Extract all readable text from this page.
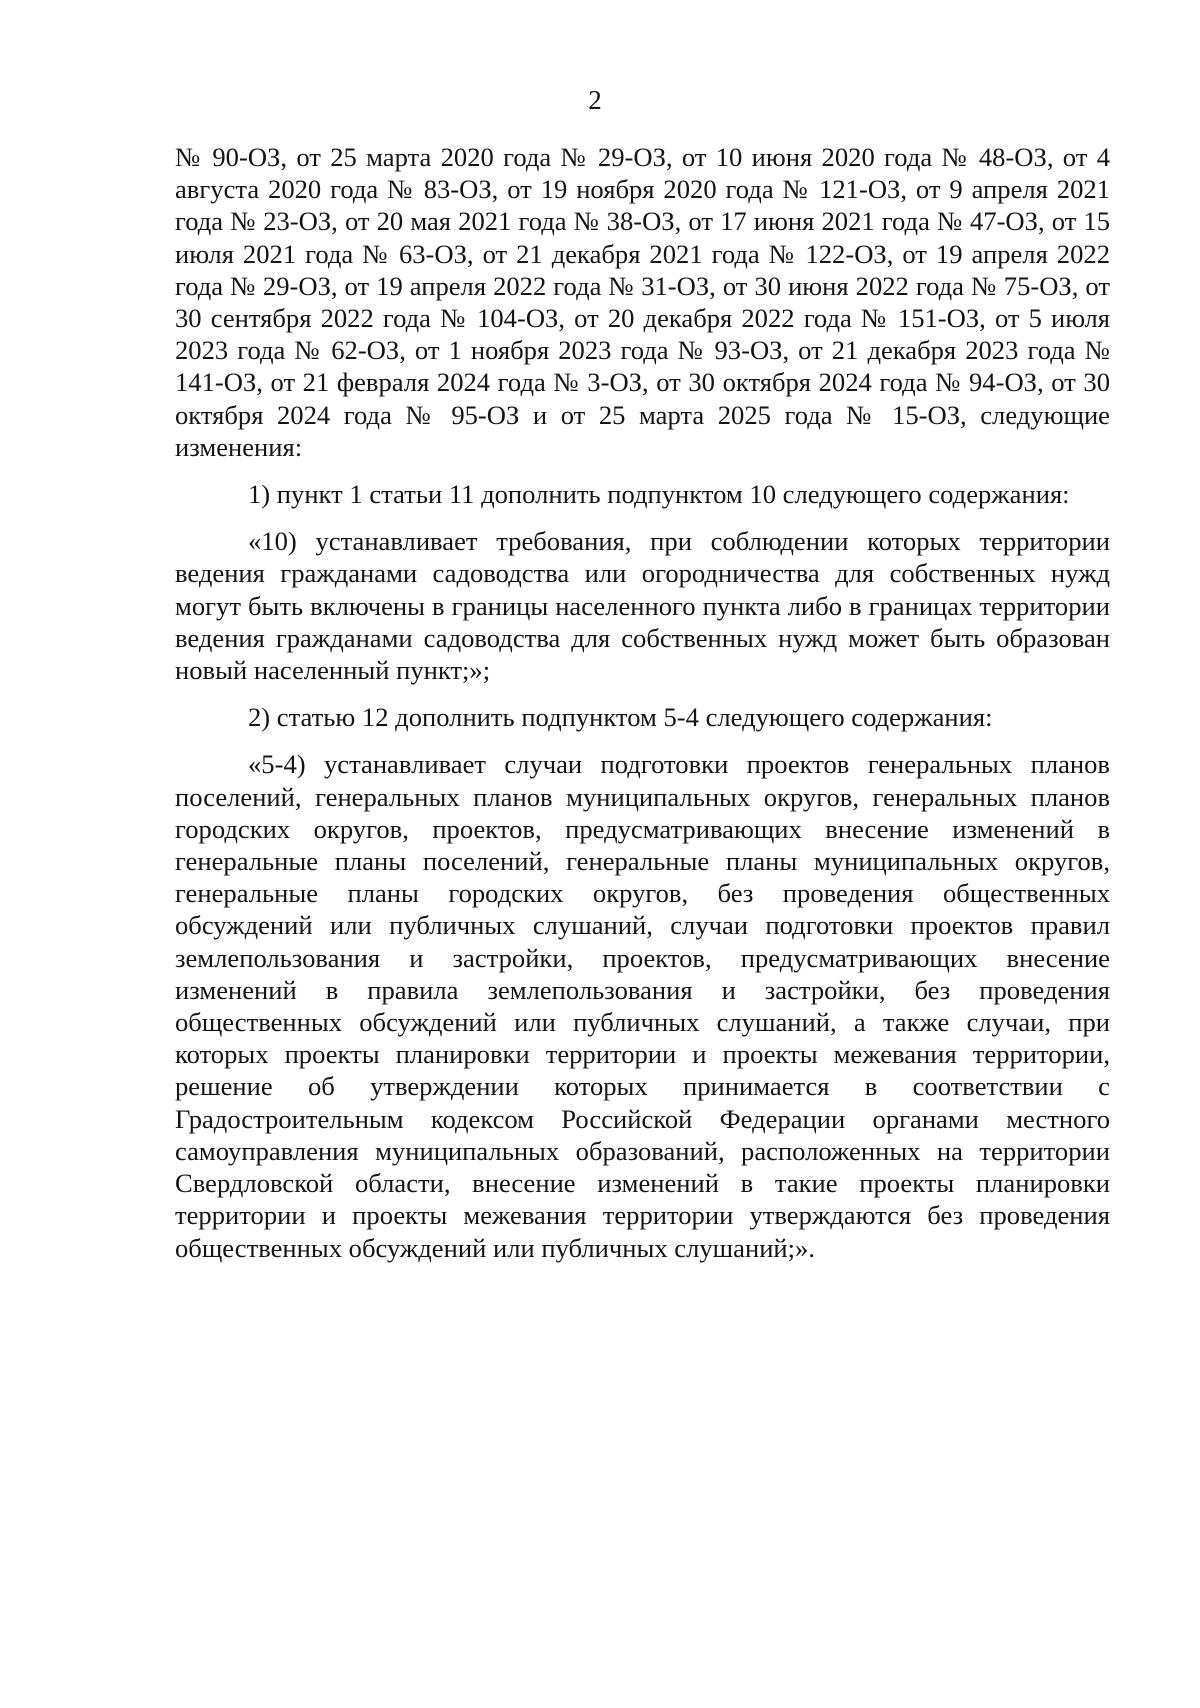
2

№ 90-ОЗ, от 25 марта 2020 года № 29-ОЗ, от 10 июня 2020 года № 48-ОЗ, от 4 августа 2020 года № 83-ОЗ, от 19 ноября 2020 года № 121-ОЗ, от 9 апреля 2021 года № 23-ОЗ, от 20 мая 2021 года № 38-ОЗ, от 17 июня 2021 года № 47-ОЗ, от 15 июля 2021 года № 63-ОЗ, от 21 декабря 2021 года № 122-ОЗ, от 19 апреля 2022 года № 29-ОЗ, от 19 апреля 2022 года № 31-ОЗ, от 30 июня 2022 года № 75-ОЗ, от 30 сентября 2022 года № 104-ОЗ, от 20 декабря 2022 года № 151-ОЗ, от 5 июля 2023 года № 62-ОЗ, от 1 ноября 2023 года № 93-ОЗ, от 21 декабря 2023 года № 141-ОЗ, от 21 февраля 2024 года № 3-ОЗ, от 30 октября 2024 года № 94-ОЗ, от 30 октября 2024 года № 95-ОЗ и от 25 марта 2025 года № 15-ОЗ, следующие изменения:

1) пункт 1 статьи 11 дополнить подпунктом 10 следующего содержания:

«10) устанавливает требования, при соблюдении которых территории ведения гражданами садоводства или огородничества для собственных нужд могут быть включены в границы населенного пункта либо в границах территории ведения гражданами садоводства для собственных нужд может быть образован новый населенный пункт;»;

2) статью 12 дополнить подпунктом 5-4 следующего содержания:

«5-4) устанавливает случаи подготовки проектов генеральных планов поселений, генеральных планов муниципальных округов, генеральных планов городских округов, проектов, предусматривающих внесение изменений в генеральные планы поселений, генеральные планы муниципальных округов, генеральные планы городских округов, без проведения общественных обсуждений или публичных слушаний, случаи подготовки проектов правил землепользования и застройки, проектов, предусматривающих внесение изменений в правила землепользования и застройки, без проведения общественных обсуждений или публичных слушаний, а также случаи, при которых проекты планировки территории и проекты межевания территории, решение об утверждении которых принимается в соответствии с Градостроительным кодексом Российской Федерации органами местного самоуправления муниципальных образований, расположенных на территории Свердловской области, внесение изменений в такие проекты планировки территории и проекты межевания территории утверждаются без проведения общественных обсуждений или публичных слушаний;».
